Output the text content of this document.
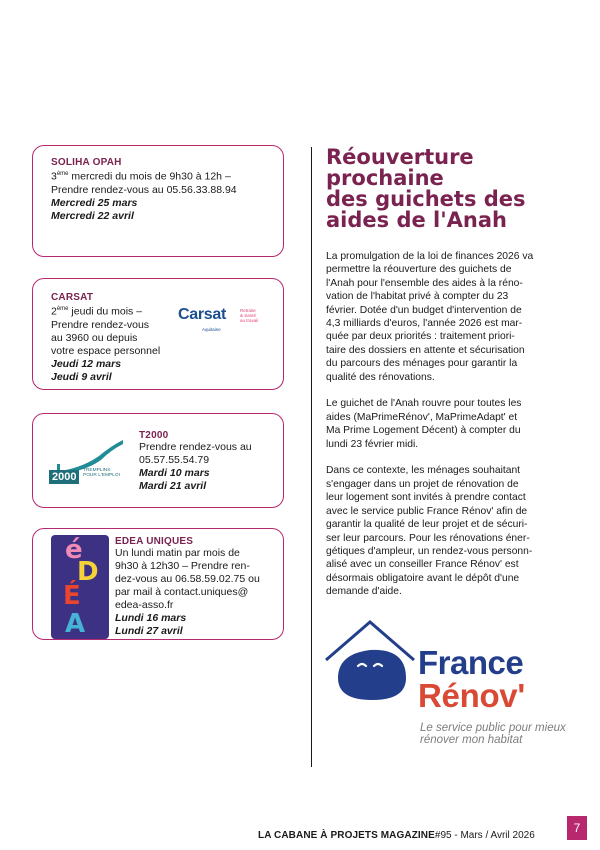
SOLIHA OPAH
3ème mercredi du mois de 9h30 à 12h –
Prendre rendez-vous au 05.56.33.88.94
Mercredi 25 mars
Mercredi 22 avril
CARSAT
2ème jeudi du mois –
Prendre rendez-vous
au 3960 ou depuis
votre espace personnel
Jeudi 12 mars
Jeudi 9 avril
Carsat	Retraite
& Santé
au travail
Aquitaine
2000
TREMPLINS
POUR L'EMPLOI
T2000
Prendre rendez-vous au
05.57.55.54.79
Mardi 10 mars
Mardi 21 avril
é
D
É
A
EDEA UNIQUES
Un lundi matin par mois de
9h30 à 12h30 – Prendre ren-
dez-vous au 06.58.59.02.75 ou
par mail à contact.uniques@
edea-asso.fr
Lundi 16 mars
Lundi 27 avril
Réouverture
prochaine
des guichets des
aides de l'Anah

La promulgation de la loi de finances 2026 va permettre la réouverture des guichets de l'Anah pour l'ensemble des aides à la réno-vation de l'habitat privé à compter du 23 février. Dotée d'un budget d'intervention de 4,3 milliards d'euros, l'année 2026 est mar-quée par deux priorités : traitement priori-taire des dossiers en attente et sécurisation du parcours des ménages pour garantir la qualité des rénovations.

Le guichet de l'Anah rouvre pour toutes les aides (MaPrimeRénov', MaPrimeAdapt' et Ma Prime Logement Décent) à compter du lundi 23 février midi.

Dans ce contexte, les ménages souhaitant s'engager dans un projet de rénovation de leur logement sont invités à prendre contact avec le service public France Rénov' afin de garantir la qualité de leur projet et de sécuri-ser leur parcours. Pour les rénovations éner-gétiques d'ampleur, un rendez-vous personn-alisé avec un conseiller France Rénov' est désormais obligatoire avant le dépôt d'une demande d'aide.

France
Rénov'
Le service public pour mieux
rénover mon habitat
LA CABANE À PROJETS MAGAZINE#95 - Mars / Avril 2026
7
